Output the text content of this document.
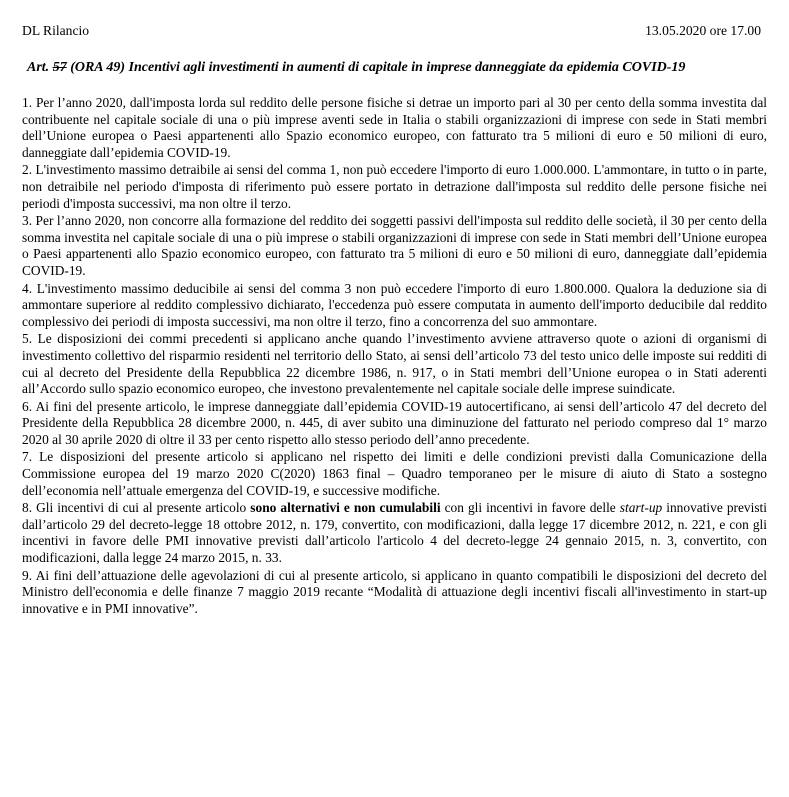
DL Rilancio	13.05.2020 ore 17.00
Art. 57 (ORA 49) Incentivi agli investimenti in aumenti di capitale in imprese danneggiate da epidemia COVID-19

1. Per l’anno 2020, dall'imposta lorda sul reddito delle persone fisiche si detrae un importo pari al 30 per cento della somma investita dal contribuente nel capitale sociale di una o più imprese aventi sede in Italia o stabili organizzazioni di imprese con sede in Stati membri dell’Unione europea o Paesi appartenenti allo Spazio economico europeo, con fatturato tra 5 milioni di euro e 50 milioni di euro, danneggiate dall’epidemia COVID-19.

2. L'investimento massimo detraibile ai sensi del comma 1, non può eccedere l'importo di euro 1.000.000. L'ammontare, in tutto o in parte, non detraibile nel periodo d'imposta di riferimento può essere portato in detrazione dall'imposta sul reddito delle persone fisiche nei periodi d'imposta successivi, ma non oltre il terzo.

3. Per l’anno 2020, non concorre alla formazione del reddito dei soggetti passivi dell'imposta sul reddito delle società, il 30 per cento della somma investita nel capitale sociale di una o più imprese o stabili organizzazioni di imprese con sede in Stati membri dell’Unione europea o Paesi appartenenti allo Spazio economico europeo, con fatturato tra 5 milioni di euro e 50 milioni di euro, danneggiate dall’epidemia COVID-19.

4. L'investimento massimo deducibile ai sensi del comma 3 non può eccedere l'importo di euro 1.800.000. Qualora la deduzione sia di ammontare superiore al reddito complessivo dichiarato, l'eccedenza può essere computata in aumento dell'importo deducibile dal reddito complessivo dei periodi di imposta successivi, ma non oltre il terzo, fino a concorrenza del suo ammontare.

5. Le disposizioni dei commi precedenti si applicano anche quando l’investimento avviene attraverso quote o azioni di organismi di investimento collettivo del risparmio residenti nel territorio dello Stato, ai sensi dell’articolo 73 del testo unico delle imposte sui redditi di cui al decreto del Presidente della Repubblica 22 dicembre 1986, n. 917, o in Stati membri dell’Unione europea o in Stati aderenti all’Accordo sullo spazio economico europeo, che investono prevalentemente nel capitale sociale delle imprese suindicate.

6. Ai fini del presente articolo, le imprese danneggiate dall’epidemia COVID-19 autocertificano, ai sensi dell’articolo 47 del decreto del Presidente della Repubblica 28 dicembre 2000, n. 445, di aver subito una diminuzione del fatturato nel periodo compreso dal 1° marzo 2020 al 30 aprile 2020 di oltre il 33 per cento rispetto allo stesso periodo dell’anno precedente.

7. Le disposizioni del presente articolo si applicano nel rispetto dei limiti e delle condizioni previsti dalla Comunicazione della Commissione europea del 19 marzo 2020 C(2020) 1863 final – Quadro temporaneo per le misure di aiuto di Stato a sostegno dell’economia nell’attuale emergenza del COVID-19, e successive modifiche.

8. Gli incentivi di cui al presente articolo sono alternativi e non cumulabili con gli incentivi in favore delle start-up innovative previsti dall’articolo 29 del decreto-legge 18 ottobre 2012, n. 179, convertito, con modificazioni, dalla legge 17 dicembre 2012, n. 221, e con gli incentivi in favore delle PMI innovative previsti dall’articolo l'articolo 4 del decreto-legge 24 gennaio 2015, n. 3, convertito, con modificazioni, dalla legge 24 marzo 2015, n. 33.

9. Ai fini dell’attuazione delle agevolazioni di cui al presente articolo, si applicano in quanto compatibili le disposizioni del decreto del Ministro dell'economia e delle finanze 7 maggio 2019 recante “Modalità di attuazione degli incentivi fiscali all'investimento in start-up innovative e in PMI innovative”.
